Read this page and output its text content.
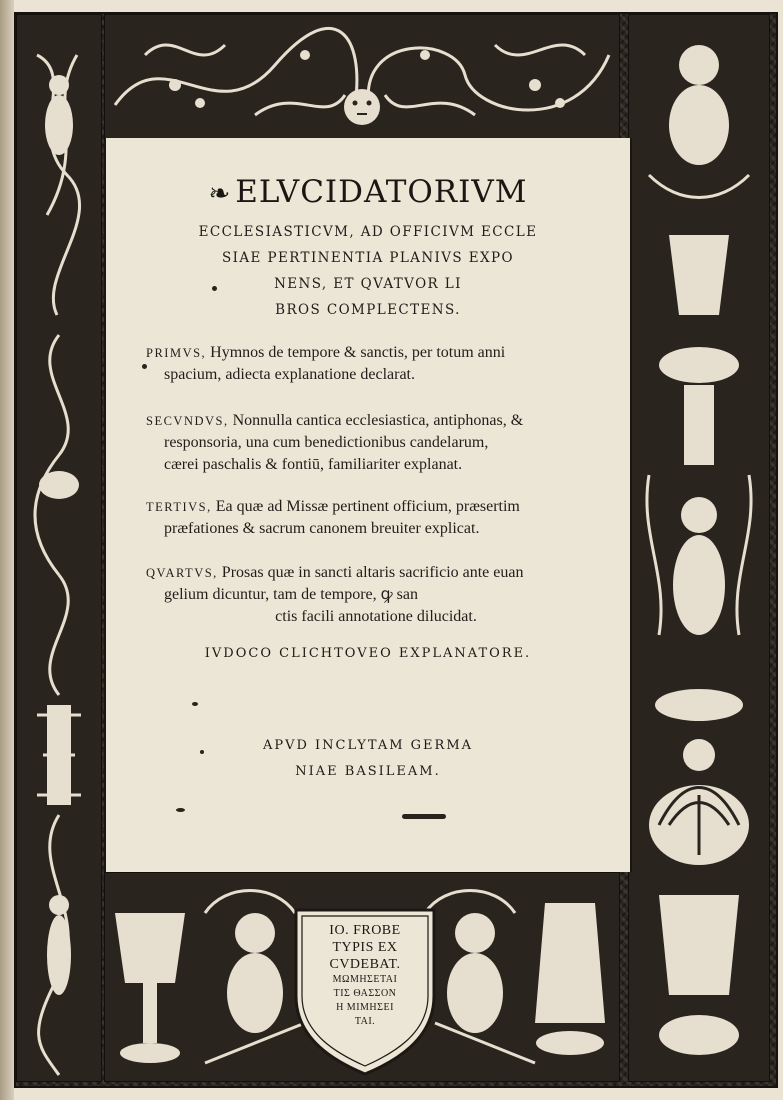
IO. FROBE
TYPIS EX
CVDEBAT.
ΜΩΜΗΣΕΤΑΙ
ΤΙΣ ΘΑΣΣΟΝ
Η ΜΙΜΗΣΕΙ
ΤΑΙ.
❧ ELVCIDATORIVM
ECCLESIASTICVM, AD OFFICIVM ECCLE
SIAE PERTINENTIA PLANIVS EXPO
NENS, ET QVATVOR LI
BROS COMPLECTENS.
PRIMVS, Hymnos de tempore & sanctis, per totum anni
spacium, adiecta explanatione declarat.
SECVNDVS, Nonnulla cantica ecclesiastica, antiphonas, &
responsoria, una cum benedictionibus candelarum,
cærei paschalis & fontiū, familiariter explanat.
TERTIVS, Ea quæ ad Missæ pertinent officium, præsertim
præfationes & sacrum canonem breuiter explicat.
QVARTVS, Prosas quæ in sancti altaris sacrificio ante euan
gelium dicuntur, tam de tempore, ꝙ san
ctis facili annotatione dilucidat.
IVDOCO CLICHTOVEO EXPLANATORE.
APVD INCLYTAM GERMA
NIAE BASILEAM.
